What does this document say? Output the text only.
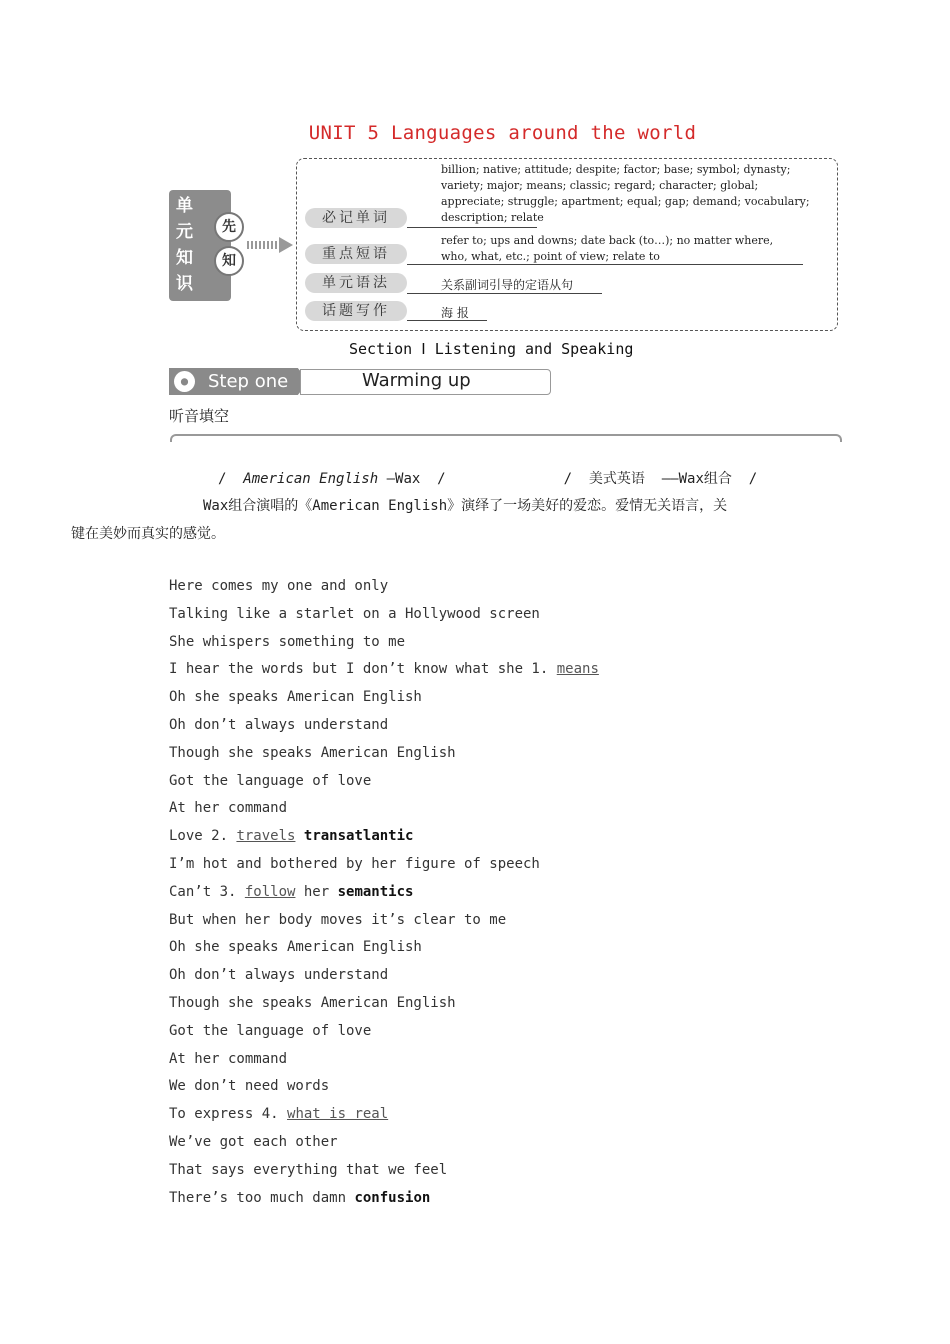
UNIT 5 Languages around the world
单
元
知
识
先
知
必记单词
重点短语
单元语法
话题写作
billion; native; attitude; despite; factor; base; symbol; dynasty;
variety; major; means; classic; regard; character; global;
appreciate; struggle; apartment; equal; gap; demand; vocabulary;
description; relate
refer to; ups and downs; date back (to…); no matter where,
who, what, etc.; point of view; relate to
关系副词引导的定语从句
海 报
Section Ⅰ Listening and Speaking
●	Step one	Warming up
听音填空
/ American English —Wax  /              /  美式英语  ——Wax组合  /
Wax组合演唱的《American English》演绎了一场美好的爱恋。爱情无关语言，关
键在美妙而真实的感觉。
Here comes my one and only
Talking like a starlet on a Hollywood screen
She whispers something to me
I hear the words but I don’t know what she 1. means
Oh she speaks American English
Oh don’t always understand
Though she speaks American English
Got the language of love
At her command
Love 2. travels transatlantic
I’m hot and bothered by her figure of speech
Can’t 3. follow her semantics
But when her body moves it’s clear to me
Oh she speaks American English
Oh don’t always understand
Though she speaks American English
Got the language of love
At her command
We don’t need words
To express 4. what is real
We’ve got each other
That says everything that we feel
There’s too much damn confusion
